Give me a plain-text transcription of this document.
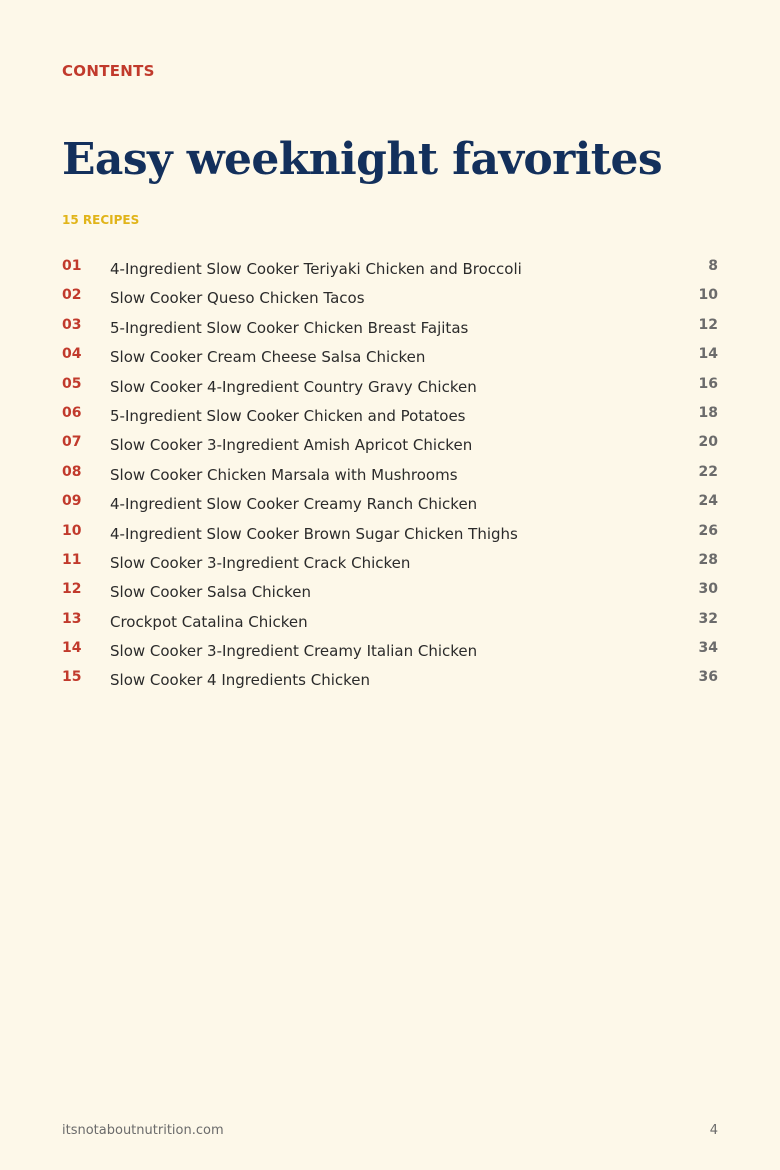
CONTENTS
Easy weeknight favorites
15 RECIPES
01 4-Ingredient Slow Cooker Teriyaki Chicken and Broccoli	8
02 Slow Cooker Queso Chicken Tacos	10
03 5-Ingredient Slow Cooker Chicken Breast Fajitas	12
04 Slow Cooker Cream Cheese Salsa Chicken	14
05 Slow Cooker 4-Ingredient Country Gravy Chicken	16
06 5-Ingredient Slow Cooker Chicken and Potatoes	18
07 Slow Cooker 3-Ingredient Amish Apricot Chicken	20
08 Slow Cooker Chicken Marsala with Mushrooms	22
09 4-Ingredient Slow Cooker Creamy Ranch Chicken	24
10 4-Ingredient Slow Cooker Brown Sugar Chicken Thighs	26
11 Slow Cooker 3-Ingredient Crack Chicken	28
12 Slow Cooker Salsa Chicken	30
13 Crockpot Catalina Chicken	32
14 Slow Cooker 3-Ingredient Creamy Italian Chicken	34
15 Slow Cooker 4 Ingredients Chicken	36
itsnotaboutnutrition.com	4
